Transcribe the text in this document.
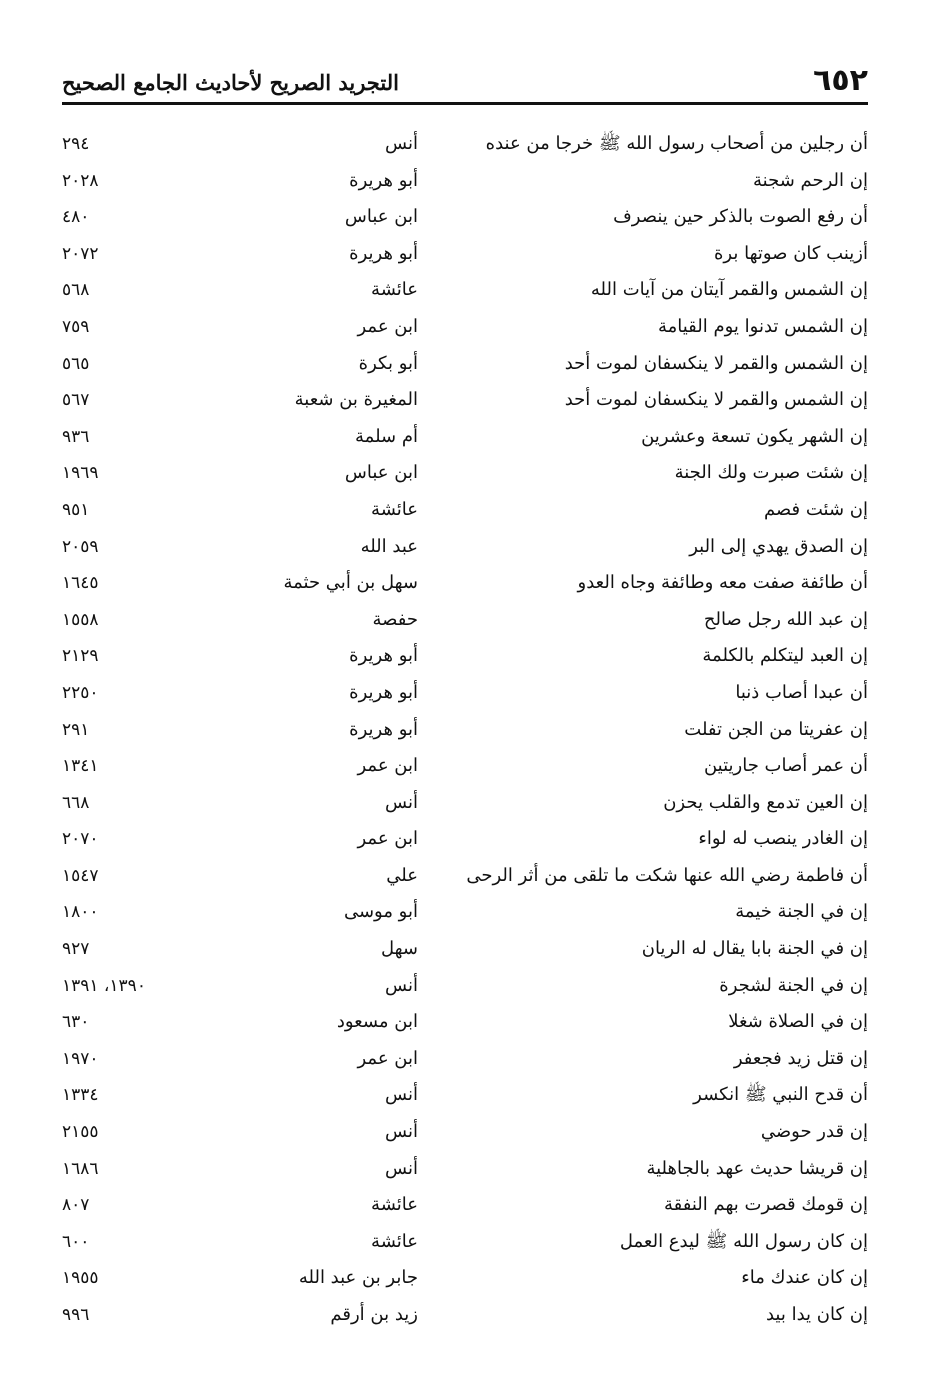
٦٥٢
التجريد الصريح لأحاديث الجامع الصحيح
أن رجلين من أصحاب رسول الله ﷺ خرجا من عنده
أنس
٢٩٤
إن الرحم شجنة
أبو هريرة
٢٠٢٨
أن رفع الصوت بالذكر حين ينصرف
ابن عباس
٤٨٠
أزينب كان صوتها برة
أبو هريرة
٢٠٧٢
إن الشمس والقمر آيتان من آيات الله
عائشة
٥٦٨
إن الشمس تدنوا يوم القيامة
ابن عمر
٧٥٩
إن الشمس والقمر لا ينكسفان لموت أحد
أبو بكرة
٥٦٥
إن الشمس والقمر لا ينكسفان لموت أحد
المغيرة بن شعبة
٥٦٧
إن الشهر يكون تسعة وعشرين
أم سلمة
٩٣٦
إن شئت صبرت ولك الجنة
ابن عباس
١٩٦٩
إن شئت فصم
عائشة
٩٥١
إن الصدق يهدي إلى البر
عبد الله
٢٠٥٩
أن طائفة صفت معه وطائفة وجاه العدو
سهل بن أبي حثمة
١٦٤٥
إن عبد الله رجل صالح
حفصة
١٥٥٨
إن العبد ليتكلم بالكلمة
أبو هريرة
٢١٢٩
أن عبدا أصاب ذنبا
أبو هريرة
٢٢٥٠
إن عفريتا من الجن تفلت
أبو هريرة
٢٩١
أن عمر أصاب جاريتين
ابن عمر
١٣٤١
إن العين تدمع والقلب يحزن
أنس
٦٦٨
إن الغادر ينصب له لواء
ابن عمر
٢٠٧٠
أن فاطمة رضي الله عنها شكت ما تلقى من أثر الرحى
علي
١٥٤٧
إن في الجنة خيمة
أبو موسى
١٨٠٠
إن في الجنة بابا يقال له الريان
سهل
٩٢٧
إن في الجنة لشجرة
أنس
١٣٩٠، ١٣٩١
إن في الصلاة شغلا
ابن مسعود
٦٣٠
إن قتل زيد فجعفر
ابن عمر
١٩٧٠
أن قدح النبي ﷺ انكسر
أنس
١٣٣٤
إن قدر حوضي
أنس
٢١٥٥
إن قريشا حديث عهد بالجاهلية
أنس
١٦٨٦
إن قومك قصرت بهم النفقة
عائشة
٨٠٧
إن كان رسول الله ﷺ ليدع العمل
عائشة
٦٠٠
إن كان عندك ماء
جابر بن عبد الله
١٩٥٥
إن كان يدا بيد
زيد بن أرقم
٩٩٦
